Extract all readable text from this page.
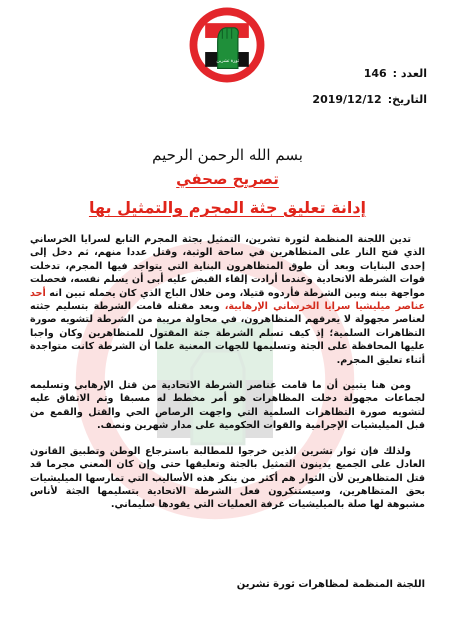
ثورة تشرين
العدد :
146
التاريخ:
2019/12/12
بسم الله الرحمن الرحيم
تصريح صحفي
إدانة تعليق جثة المجرم والتمثيل بها

تدين اللجنة المنظمة لثورة تشرين، التمثيل بجثة المجرم التابع لسرايا الخرساني الذي فتح النار على المتظاهرين في ساحة الوثبة، وقتل عددا منهم، ثم دخل إلى إحدى البنايات وبعد أن طوق المتظاهرون البناية التي يتواجد فيها المجرم، تدخلت قوات الشرطة الاتحادية وعندما أرادت إلقاء القبض عليه أبى أن يسلم نفسه، فحصلت مواجهة بينه وبين الشرطة فأردوه قتيلا، ومن خلال الباج الذي كان يحمله تبين انه أحد عناصر ميليشيا سرايا الخرساني الإرهابية، وبعد مقتله قامت الشرطة بتسليم جثته لعناصر مجهولة لا يعرفهم المتظاهرون، في محاولة مريبة من الشرطة لتشويه صورة التظاهرات السلمية؛ إذ كيف تسلم الشرطة جثة المقتول للمتظاهرين وكان واجبا عليها المحافظة على الجثة وتسليمها للجهات المعنية علما أن الشرطة كانت متواجدة أثناء تعليق المجرم.

ومن هنا يتبين أن ما قامت عناصر الشرطة الاتحادية من قتل الإرهابي وتسليمه لجماعات مجهولة دخلت المظاهرات هو أمر مخطط له مسبقا وتم الاتفاق عليه لتشويه صورة التظاهرات السلمية التي واجهت الرصاص الحي والقتل والقمع من قبل الميليشيات الإجرامية والقوات الحكومية على مدار شهرين ونصف.

ولذلك فإن ثوار تشرين الذين خرجوا للمطالبة باسترجاع الوطن وتطبيق القانون العادل على الجميع يدينون التمثيل بالجثة وتعليقها حتى وإن كان المعني مجرما قد قتل المتظاهرين لأن الثوار هم أكثر من ينكر هذه الأساليب التي تمارسها الميليشيات بحق المتظاهرين، وسيستنكرون فعل الشرطة الاتحادية بتسليمها الجثة لأناس مشبوهة لها صلة بالميليشيات غرفة العمليات التي يقودها سليماني.

اللجنة المنظمة لمظاهرات ثورة تشرين
